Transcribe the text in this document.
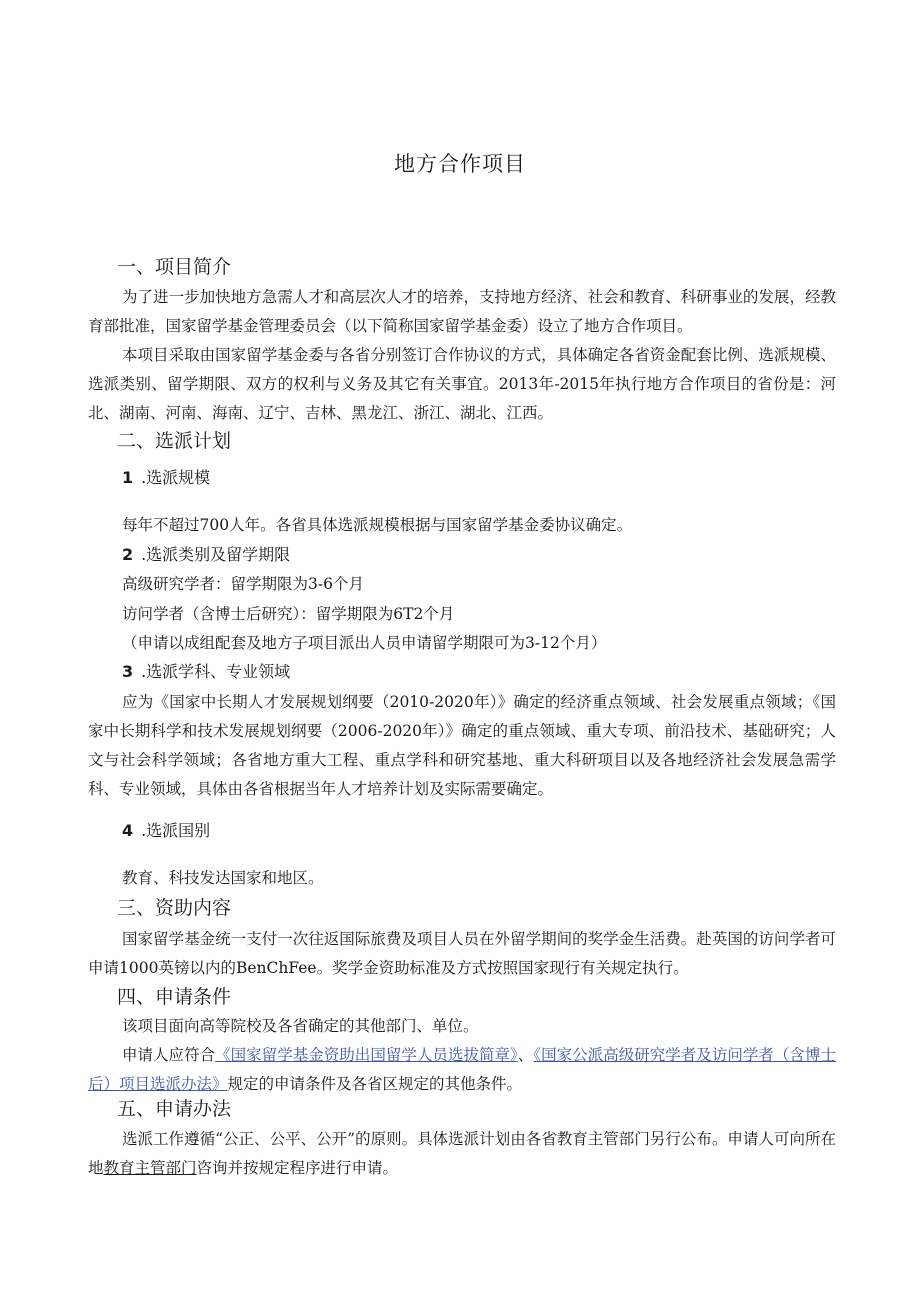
地方合作项目
一、项目简介
为了进一步加快地方急需人才和高层次人才的培养，支持地方经济、社会和教育、科研事业的发展，经教育部批准，国家留学基金管理委员会（以下简称国家留学基金委）设立了地方合作项目。
本项目采取由国家留学基金委与各省分别签订合作协议的方式，具体确定各省资金配套比例、选派规模、选派类别、留学期限、双方的权利与义务及其它有关事宜。2013年-2015年执行地方合作项目的省份是：河北、湖南、河南、海南、辽宁、吉林、黑龙江、浙江、湖北、江西。
二、选派计划
1 .选派规模
每年不超过700人年。各省具体选派规模根据与国家留学基金委协议确定。
2 .选派类别及留学期限
高级研究学者：留学期限为3-6个月
访问学者（含博士后研究）：留学期限为6T2个月
（申请以成组配套及地方子项目派出人员申请留学期限可为3-12个月）
3 .选派学科、专业领域
应为《国家中长期人才发展规划纲要（2010-2020年）》确定的经济重点领域、社会发展重点领域；《国家中长期科学和技术发展规划纲要（2006-2020年）》确定的重点领域、重大专项、前沿技术、基础研究；人文与社会科学领域；各省地方重大工程、重点学科和研究基地、重大科研项目以及各地经济社会发展急需学科、专业领域，具体由各省根据当年人才培养计划及实际需要确定。
4 .选派国别
教育、科技发达国家和地区。
三、资助内容
国家留学基金统一支付一次往返国际旅费及项目人员在外留学期间的奖学金生活费。赴英国的访问学者可申请1000英镑以内的BenChFee。奖学金资助标准及方式按照国家现行有关规定执行。
四、申请条件
该项目面向高等院校及各省确定的其他部门、单位。
申请人应符合《国家留学基金资助出国留学人员选拔简章》、《国家公派高级研究学者及访问学者（含博士后）项目选派办法》规定的申请条件及各省区规定的其他条件。
五、申请办法
选派工作遵循“公正、公平、公开”的原则。具体选派计划由各省教育主管部门另行公布。申请人可向所在地教育主管部门咨询并按规定程序进行申请。
